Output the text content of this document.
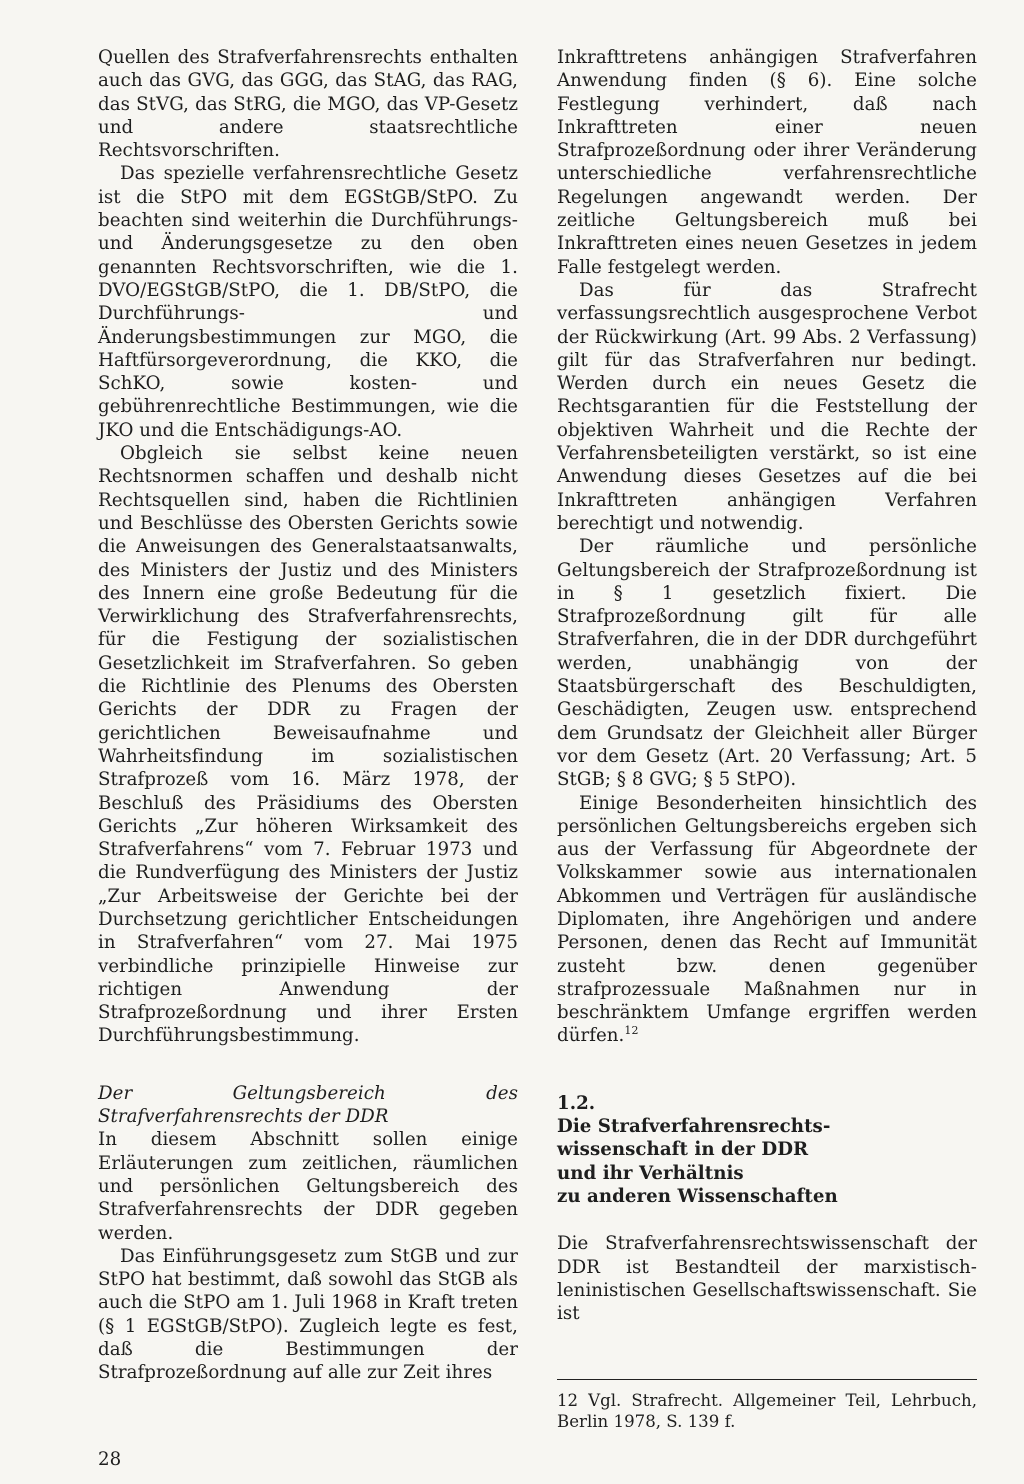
Quellen des Strafverfahrensrechts enthalten auch das GVG, das GGG, das StAG, das RAG, das StVG, das StRG, die MGO, das VP-Gesetz und andere staatsrechtliche Rechtsvorschriften.

Das spezielle verfahrensrechtliche Gesetz ist die StPO mit dem EGStGB/StPO. Zu beachten sind weiterhin die Durchführungs- und Änderungsgesetze zu den oben genannten Rechtsvorschriften, wie die 1. DVO/EGStGB/StPO, die 1. DB/StPO, die Durchführungs- und Änderungsbestimmungen zur MGO, die Haftfürsorgeverordnung, die KKO, die SchKO, sowie kosten- und gebührenrechtliche Bestimmungen, wie die JKO und die Entschädigungs-AO.

Obgleich sie selbst keine neuen Rechtsnormen schaffen und deshalb nicht Rechtsquellen sind, haben die Richtlinien und Beschlüsse des Obersten Gerichts sowie die Anweisungen des Generalstaatsanwalts, des Ministers der Justiz und des Ministers des Innern eine große Bedeutung für die Verwirklichung des Strafverfahrensrechts, für die Festigung der sozialistischen Gesetzlichkeit im Strafverfahren. So geben die Richtlinie des Plenums des Obersten Gerichts der DDR zu Fragen der gerichtlichen Beweisaufnahme und Wahrheitsfindung im sozialistischen Strafprozeß vom 16. März 1978, der Beschluß des Präsidiums des Obersten Gerichts „Zur höheren Wirksamkeit des Strafverfahrens“ vom 7. Februar 1973 und die Rundverfügung des Ministers der Justiz „Zur Arbeitsweise der Gerichte bei der Durchsetzung gerichtlicher Entscheidungen in Strafverfahren“ vom 27. Mai 1975 verbindliche prinzipielle Hinweise zur richtigen Anwendung der Strafprozeßordnung und ihrer Ersten Durchführungsbestimmung.

Der Geltungsbereich des Strafverfahrensrechts der DDR

In diesem Abschnitt sollen einige Erläuterungen zum zeitlichen, räumlichen und persönlichen Geltungsbereich des Strafverfahrensrechts der DDR gegeben werden.

Das Einführungsgesetz zum StGB und zur StPO hat bestimmt, daß sowohl das StGB als auch die StPO am 1. Juli 1968 in Kraft treten (§ 1 EGStGB/StPO). Zugleich legte es fest, daß die Bestimmungen der Strafprozeßordnung auf alle zur Zeit ihres

Inkrafttretens anhängigen Strafverfahren Anwendung finden (§ 6). Eine solche Festlegung verhindert, daß nach Inkrafttreten einer neuen Strafprozeßordnung oder ihrer Veränderung unterschiedliche verfahrensrechtliche Regelungen angewandt werden. Der zeitliche Geltungsbereich muß bei Inkrafttreten eines neuen Gesetzes in jedem Falle festgelegt werden.

Das für das Strafrecht verfassungsrechtlich ausgesprochene Verbot der Rückwirkung (Art. 99 Abs. 2 Verfassung) gilt für das Strafverfahren nur bedingt. Werden durch ein neues Gesetz die Rechtsgarantien für die Feststellung der objektiven Wahrheit und die Rechte der Verfahrensbeteiligten verstärkt, so ist eine Anwendung dieses Gesetzes auf die bei Inkrafttreten anhängigen Verfahren berechtigt und notwendig.

Der räumliche und persönliche Geltungsbereich der Strafprozeßordnung ist in § 1 gesetzlich fixiert. Die Strafprozeßordnung gilt für alle Strafverfahren, die in der DDR durchgeführt werden, unabhängig von der Staatsbürgerschaft des Beschuldigten, Geschädigten, Zeugen usw. entsprechend dem Grundsatz der Gleichheit aller Bürger vor dem Gesetz (Art. 20 Verfassung; Art. 5 StGB; § 8 GVG; § 5 StPO).

Einige Besonderheiten hinsichtlich des persönlichen Geltungsbereichs ergeben sich aus der Verfassung für Abgeordnete der Volkskammer sowie aus internationalen Abkommen und Verträgen für ausländische Diplomaten, ihre Angehörigen und andere Personen, denen das Recht auf Immunität zusteht bzw. denen gegenüber strafprozessuale Maßnahmen nur in beschränktem Umfange ergriffen werden dürfen.$^{12}$

1.2.

Die Strafverfahrensrechts-

wissenschaft in der DDR

und ihr Verhältnis

zu anderen Wissenschaften

Die Strafverfahrensrechtswissenschaft der DDR ist Bestandteil der marxistisch-leninistischen Gesellschaftswissenschaft. Sie ist

12 Vgl. Strafrecht. Allgemeiner Teil, Lehrbuch, Berlin 1978, S. 139 f.
28
